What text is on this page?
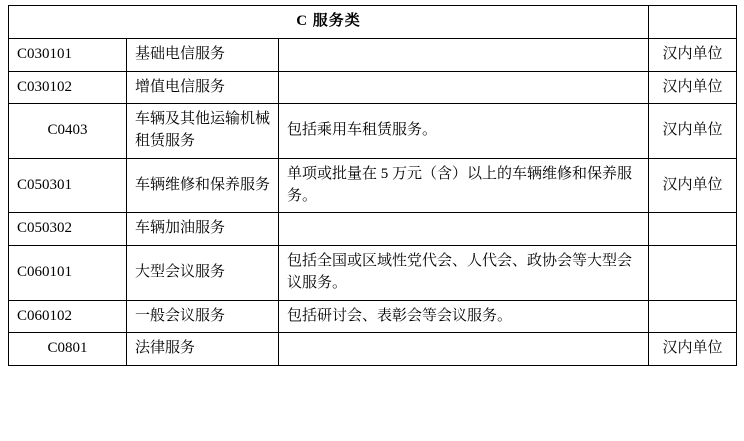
C 服务类			
C030101	基础电信服务		汉内单位
C030102	增值电信服务		汉内单位
C0403	车辆及其他运输机械租赁服务	包括乘用车租赁服务。	汉内单位
C050301	车辆维修和保养服务	单项或批量在 5 万元（含）以上的车辆维修和保养服务。	汉内单位
C050302	车辆加油服务		
C060101	大型会议服务	包括全国或区域性党代会、人代会、政协会等大型会议服务。	
C060102	一般会议服务	包括研讨会、表彰会等会议服务。	
C0801	法律服务		汉内单位
